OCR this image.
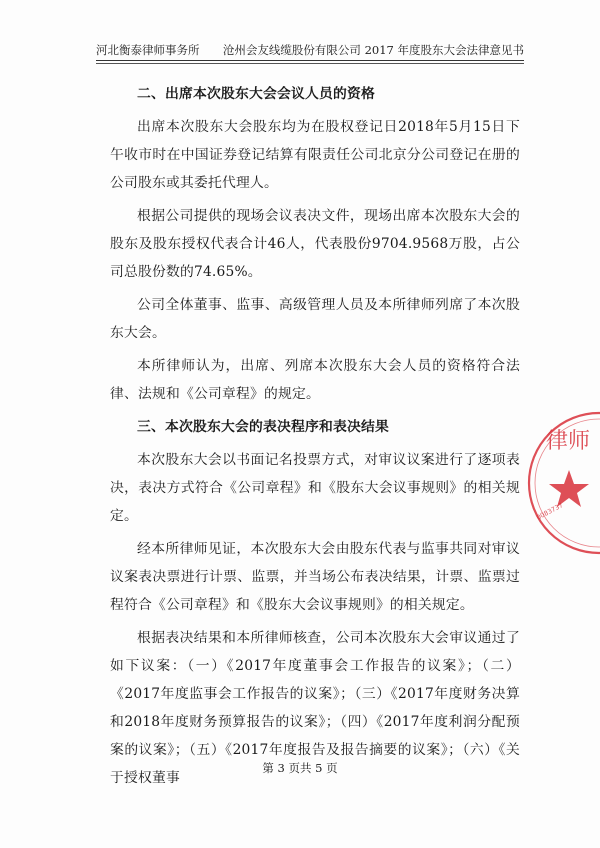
河北衡泰律师事务所 沧州会友线缆股份有限公司 2017 年度股东大会法律意见书
二、出席本次股东大会会议人员的资格
出席本次股东大会股东均为在股权登记日2018年5月15日下午收市时在中国证券登记结算有限责任公司北京分公司登记在册的公司股东或其委托代理人。
根据公司提供的现场会议表决文件，现场出席本次股东大会的股东及股东授权代表合计46人，代表股份9704.9568万股，占公司总股份数的74.65%。
公司全体董事、监事、高级管理人员及本所律师列席了本次股东大会。
本所律师认为，出席、列席本次股东大会人员的资格符合法律、法规和《公司章程》的规定。
三、本次股东大会的表决程序和表决结果
本次股东大会以书面记名投票方式，对审议议案进行了逐项表决，表决方式符合《公司章程》和《股东大会议事规则》的相关规定。
经本所律师见证，本次股东大会由股东代表与监事共同对审议议案表决票进行计票、监票，并当场公布表决结果，计票、监票过程符合《公司章程》和《股东大会议事规则》的相关规定。
根据表决结果和本所律师核查，公司本次股东大会审议通过了如下议案：（一）《2017年度董事会工作报告的议案》；（二）《2017年度监事会工作报告的议案》；（三）《2017年度财务决算和2018年度财务预算报告的议案》；（四）《2017年度利润分配预案的议案》；（五）《2017年度报告及报告摘要的议案》；（六）《关于授权董事
律师
0083737
第 3 页共 5 页
